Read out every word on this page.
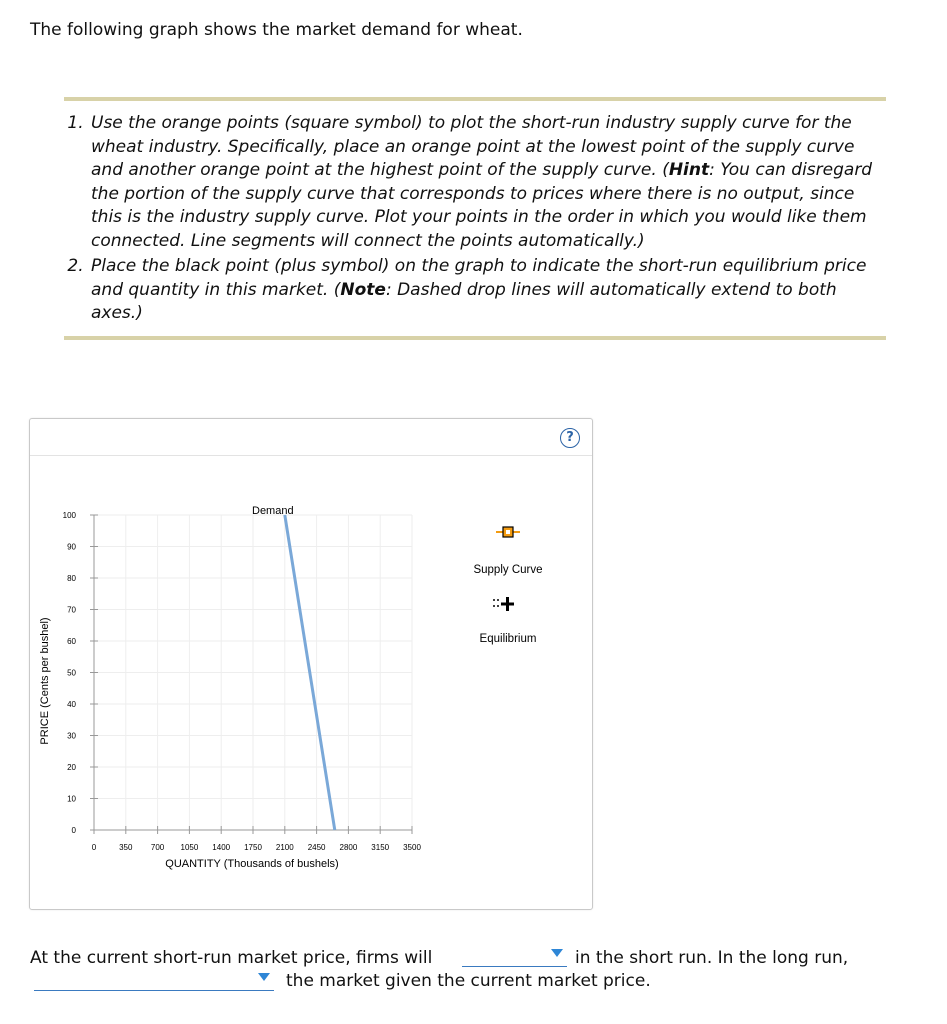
The following graph shows the market demand for wheat.
1. Use the orange points (square symbol) to plot the short-run industry supply curve for the wheat industry. Specifically, place an orange point at the lowest point of the supply curve and another orange point at the highest point of the supply curve. (Hint: You can disregard the portion of the supply curve that corresponds to prices where there is no output, since this is the industry supply curve. Plot your points in the order in which you would like them connected. Line segments will connect the points automatically.)
2. Place the black point (plus symbol) on the graph to indicate the short-run equilibrium price and quantity in this market. (Note: Dashed drop lines will automatically extend to both axes.)
?
0
10
20
30
40
50
60
70
80
90
100
0	350 700 1050 1400 1750 2100 2450 2800 3150 3500
Demand
PRICE (Cents per bushel)
QUANTITY (Thousands of bushels)
Supply Curve
Equilibrium
At the current short-run market price, firms will	in the short run. In the long run,
the market given the current market price.
